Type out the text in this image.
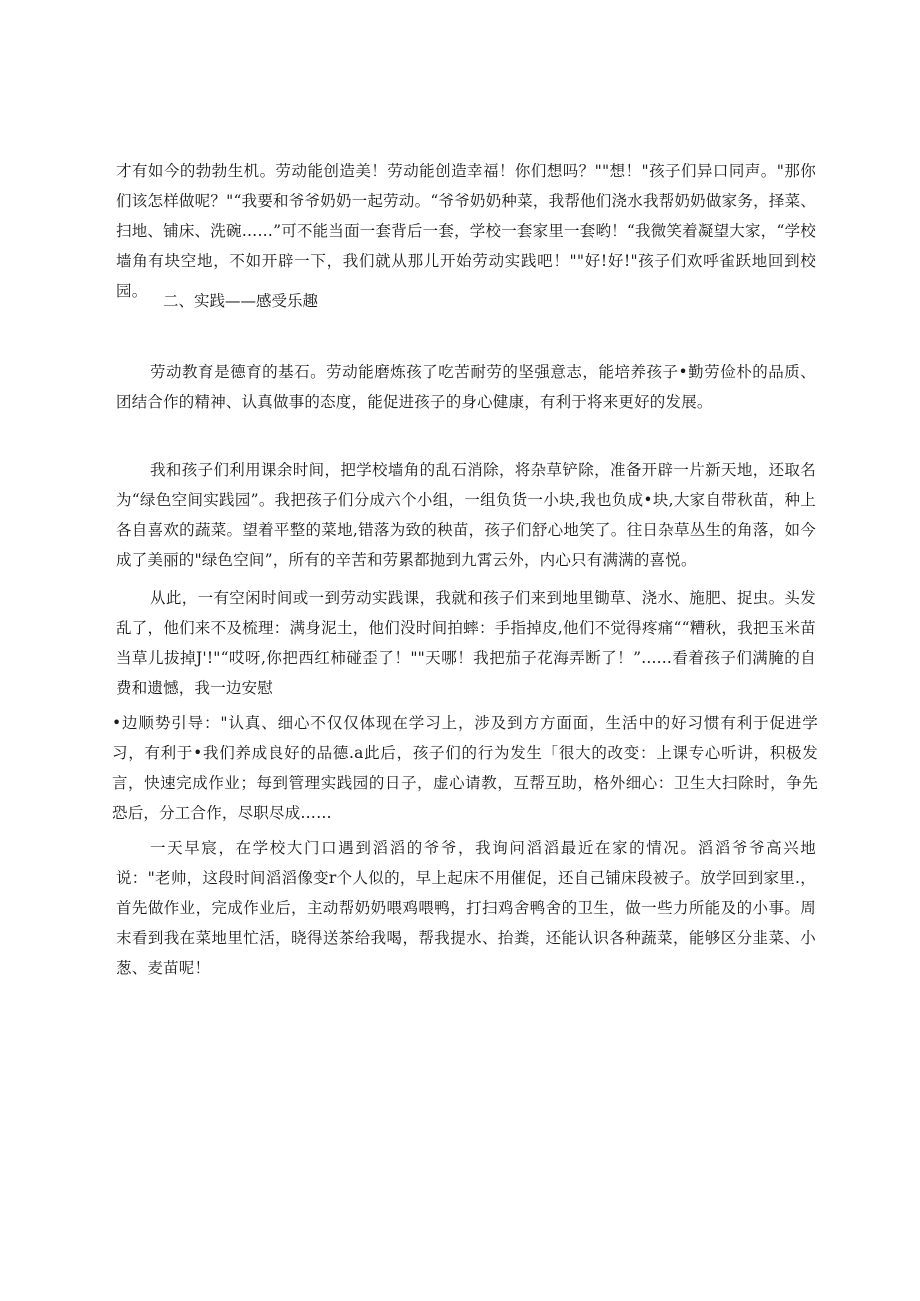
才有如今的勃勃生机。劳动能创造美！劳动能创造幸福！你们想吗？""想！"孩子们异口同声。"那你们该怎样做呢？"“我要和爷爷奶奶一起劳动。“爷爷奶奶种菜，我帮他们浇水我帮奶奶做家务，择菜、扫地、铺床、洗碗……”可不能当面一套背后一套，学校一套家里一套哟！“我微笑着凝望大家，“学校墙角有块空地，不如开辟一下，我们就从那儿开始劳动实践吧！""好!好!"孩子们欢呼雀跃地回到校园。

二、实践——感受乐趣

劳动教育是德育的基石。劳动能磨炼孩了吃苦耐劳的坚强意志，能培养孩子•勤劳俭朴的品质、团结合作的精神、认真做事的态度，能促进孩子的身心健康，有利于将来更好的发展。

我和孩子们利用课余时间，把学校墙角的乱石消除，将杂草铲除，准备开辟一片新天地，还取名为“绿色空间实践园”。我把孩子们分成六个小组，一组负货一小块,我也负成•块,大家自带秋苗，种上各自喜欢的蔬菜。望着平整的菜地,错落为致的秧苗，孩子们舒心地笑了。往日杂草丛生的角落，如今成了美丽的"绿色空间”，所有的辛苦和劳累都抛到九霄云外，内心只有满满的喜悦。

从此，一有空闲时间或一到劳动实践课，我就和孩子们来到地里锄草、浇水、施肥、捉虫。头发乱了，他们来不及梳理：满身泥土，他们没时间拍蟀：手指掉皮,他们不觉得疼痛““糟秋，我把玉米苗当草儿拔掉J'!"“哎呀,你把西红柿碰歪了！""天哪！我把茄子花海弄断了！”......看着孩子们满腌的自费和遗憾，我一边安慰

•边顺势引导："认真、细心不仅仅体现在学习上，涉及到方方面面，生活中的好习惯有利于促进学习，有利于•我们养成良好的品德.a此后，孩子们的行为发生「很大的改变：上课专心听讲，积极发言，快速完成作业；每到管理实践园的日子，虚心请教，互帮互助，格外细心：卫生大扫除时，争先恐后，分工合作，尽职尽成……

一天早宸，在学校大门口遇到滔滔的爷爷，我询问滔滔最近在家的情况。滔滔爷爷高兴地说："老帅，这段时间滔滔像变r个人似的，早上起床不用催促，还自己铺床段被子。放学回到家里.，首先做作业，完成作业后，主动帮奶奶喂鸡喂鸭，打扫鸡舍鸭舍的卫生，做一些力所能及的小事。周末看到我在菜地里忙活，晓得送茶给我喝，帮我提水、抬粪，还能认识各种蔬菜，能够区分韭菜、小葱、麦苗呢！
